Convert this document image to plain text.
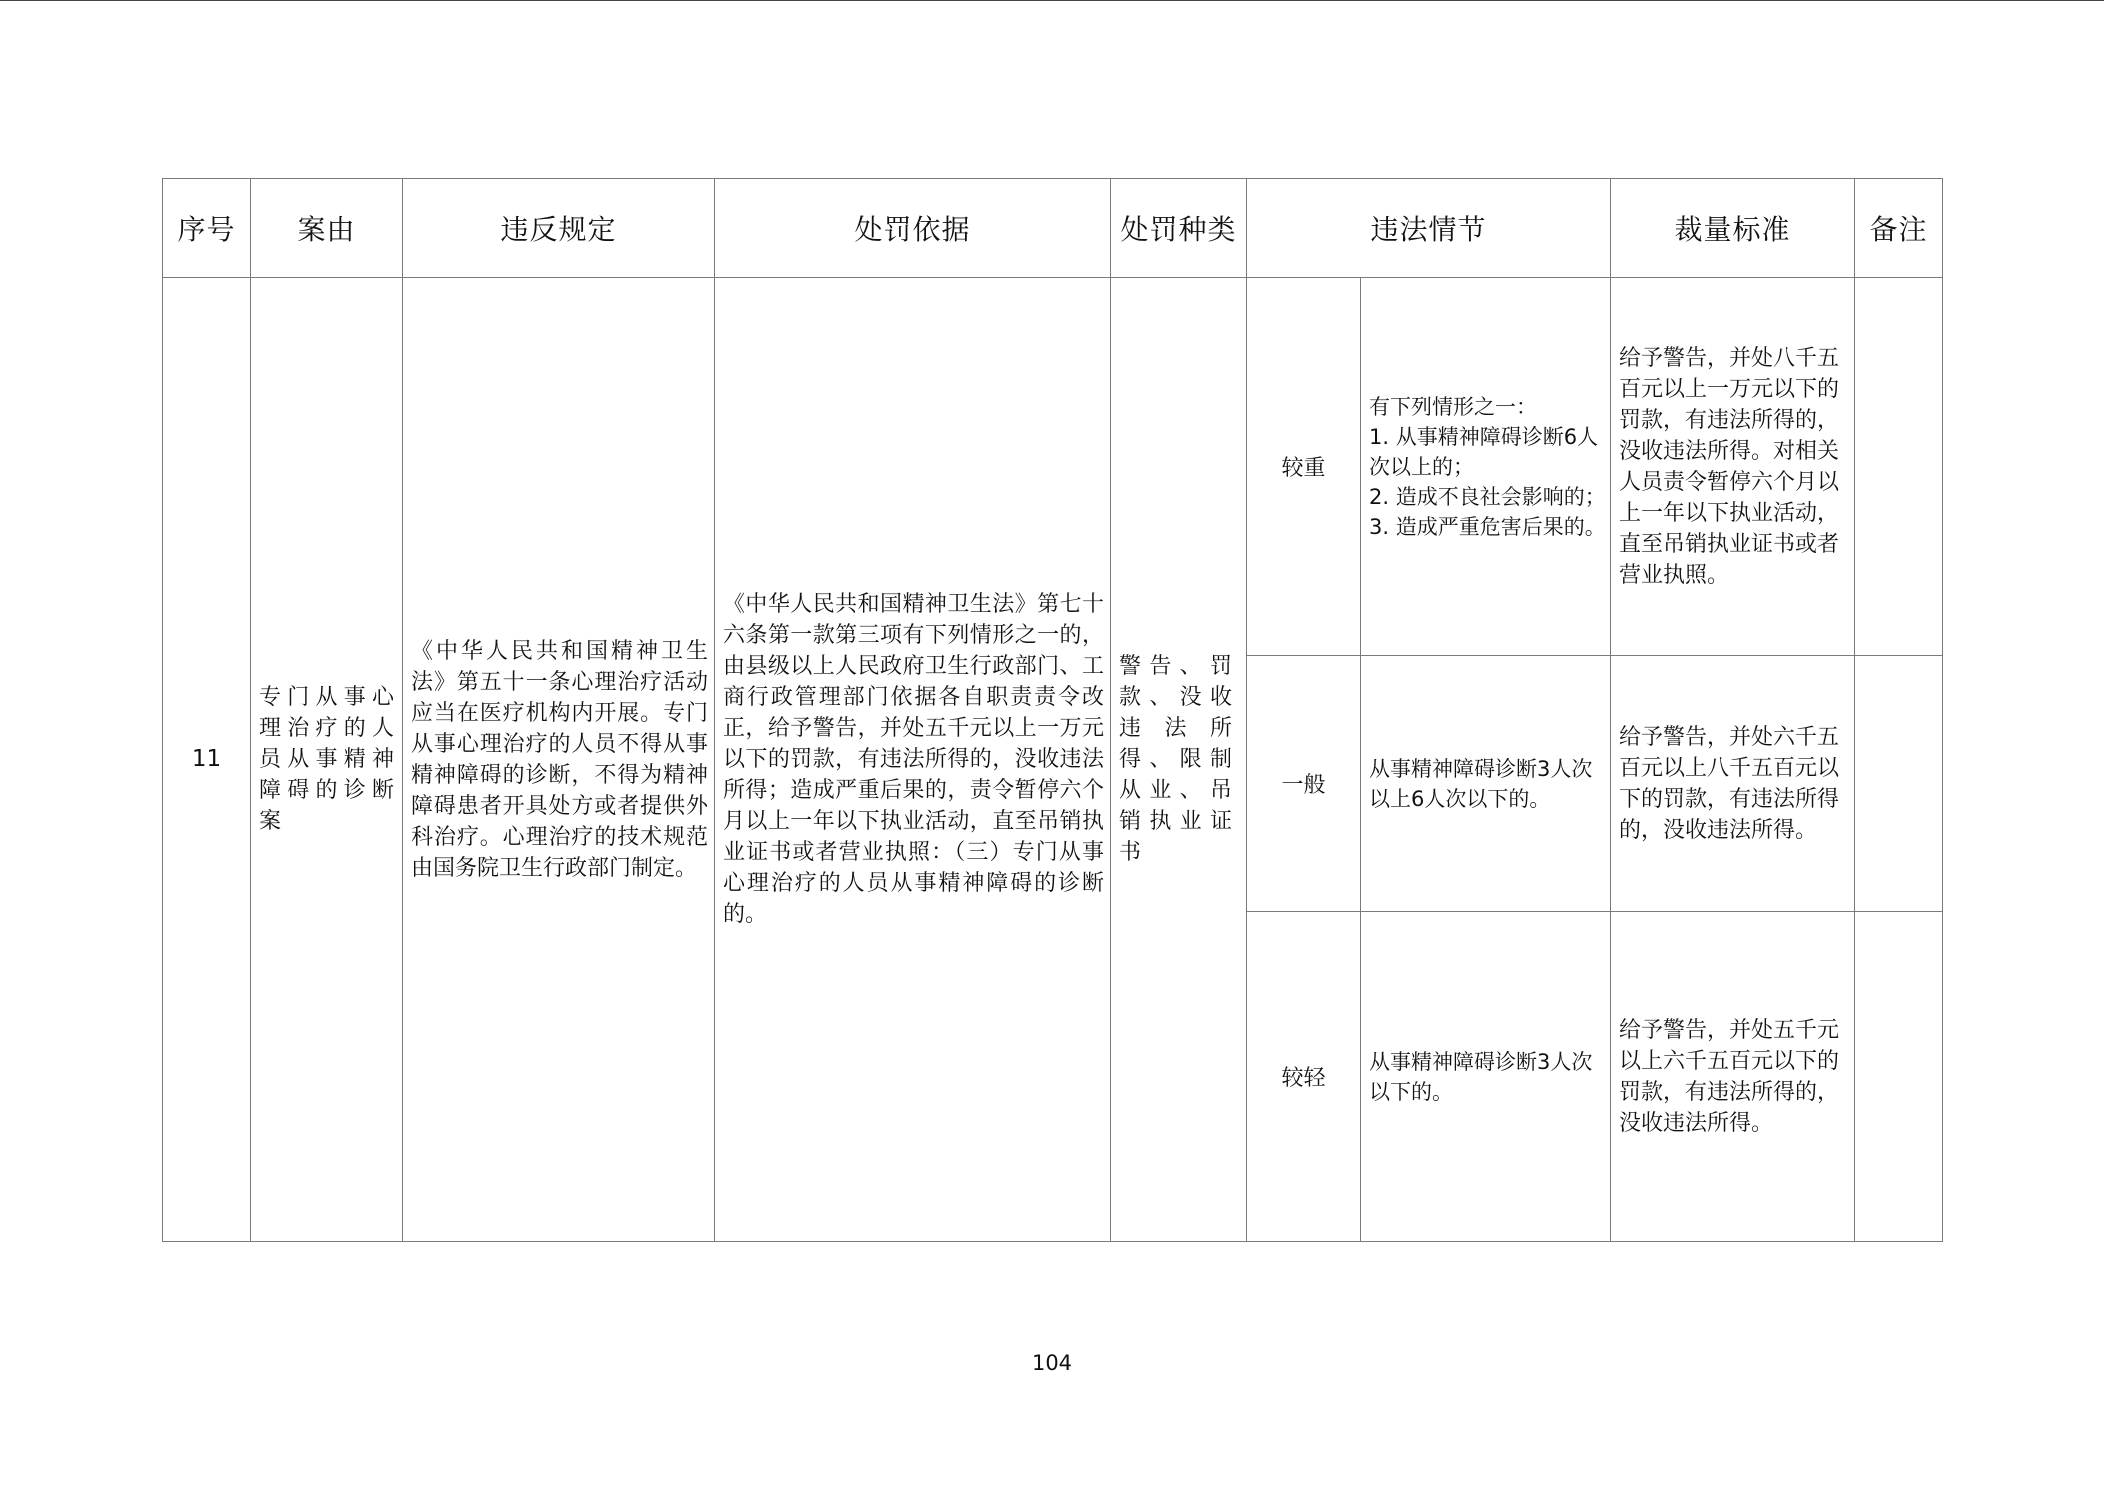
序号	案由	违反规定	处罚依据	处罚种类	违法情节		裁量标准	备注
11	专门从事心理治疗的人员从事精神障碍的诊断案	《中华人民共和国精神卫生法》第五十一条心理治疗活动应当在医疗机构内开展。专门从事心理治疗的人员不得从事精神障碍的诊断，不得为精神障碍患者开具处方或者提供外科治疗。心理治疗的技术规范由国务院卫生行政部门制定。	《中华人民共和国精神卫生法》第七十六条第一款第三项有下列情形之一的，由县级以上人民政府卫生行政部门、工商行政管理部门依据各自职责责令改正，给予警告，并处五千元以上一万元以下的罚款，有违法所得的，没收违法所得；造成严重后果的，责令暂停六个月以上一年以下执业活动，直至吊销执业证书或者营业执照：（三）专门从事心理治疗的人员从事精神障碍的诊断的。	警告、罚款、没收违法所得、限制从业、吊销执业证书	较重	有下列情形之一：
1. 从事精神障碍诊断6人次以上的；
2. 造成不良社会影响的；
3. 造成严重危害后果的。	给予警告，并处八千五百元以上一万元以下的罚款，有违法所得的，没收违法所得。对相关人员责令暂停六个月以上一年以下执业活动，直至吊销执业证书或者营业执照。	
					一般	从事精神障碍诊断3人次以上6人次以下的。	给予警告，并处六千五百元以上八千五百元以下的罚款，有违法所得的，没收违法所得。	
					较轻	从事精神障碍诊断3人次以下的。	给予警告，并处五千元以上六千五百元以下的罚款，有违法所得的，没收违法所得。	
104
